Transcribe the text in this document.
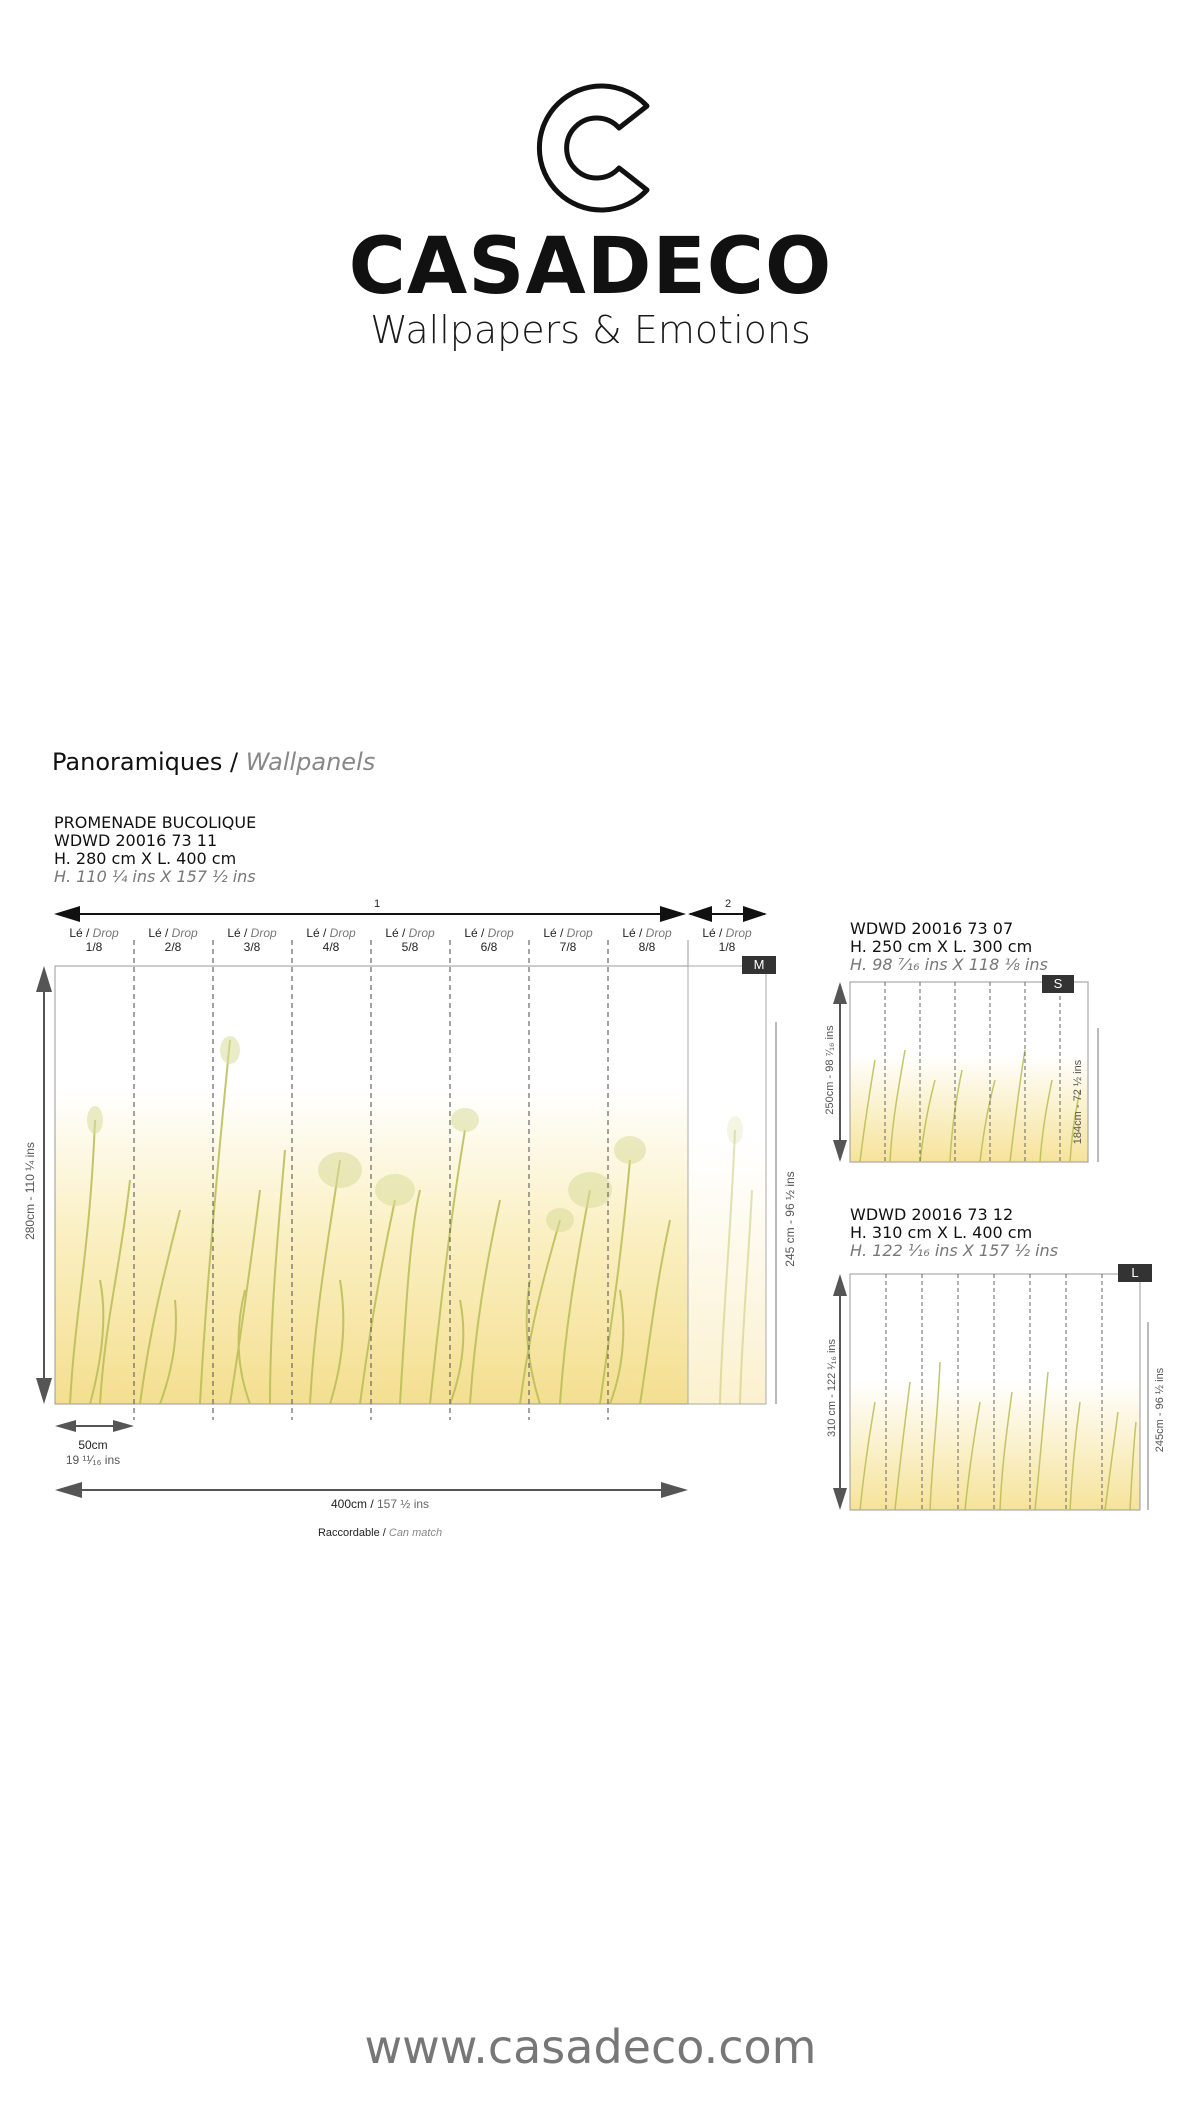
CASADECO
Wallpapers & Emotions
Panoramiques / Wallpanels
PROMENADE BUCOLIQUE
WDWD 20016 73 11
H. 280 cm X L. 400 cm
H. 110 ¼ ins X 157 ½ ins
1	2
M
Lé / Drop
1/8
Lé / Drop
2/8
Lé / Drop
3/8
Lé / Drop
4/8
Lé / Drop
5/8
Lé / Drop
6/8
Lé / Drop
7/8
Lé / Drop
8/8
Lé / Drop
1/8
280cm - 110 ¼ ins	245 cm - 96 ½ ins
50cm
19 ¹¹⁄₁₆ ins
400cm / 157 ½ ins
Raccordable / Can match
WDWD 20016 73 07
H. 250 cm X L. 300 cm
H. 98 ⁷⁄₁₆ ins X 118 ⅛ ins
S
250cm - 98 ⁷⁄₁₆ ins	184cm - 72 ½ ins
WDWD 20016 73 12
H. 310 cm X L. 400 cm
H. 122 ¹⁄₁₆ ins X 157 ½ ins
L
310 cm - 122 ¹⁄₁₆ ins	245cm - 96 ½ ins
www.casadeco.com
